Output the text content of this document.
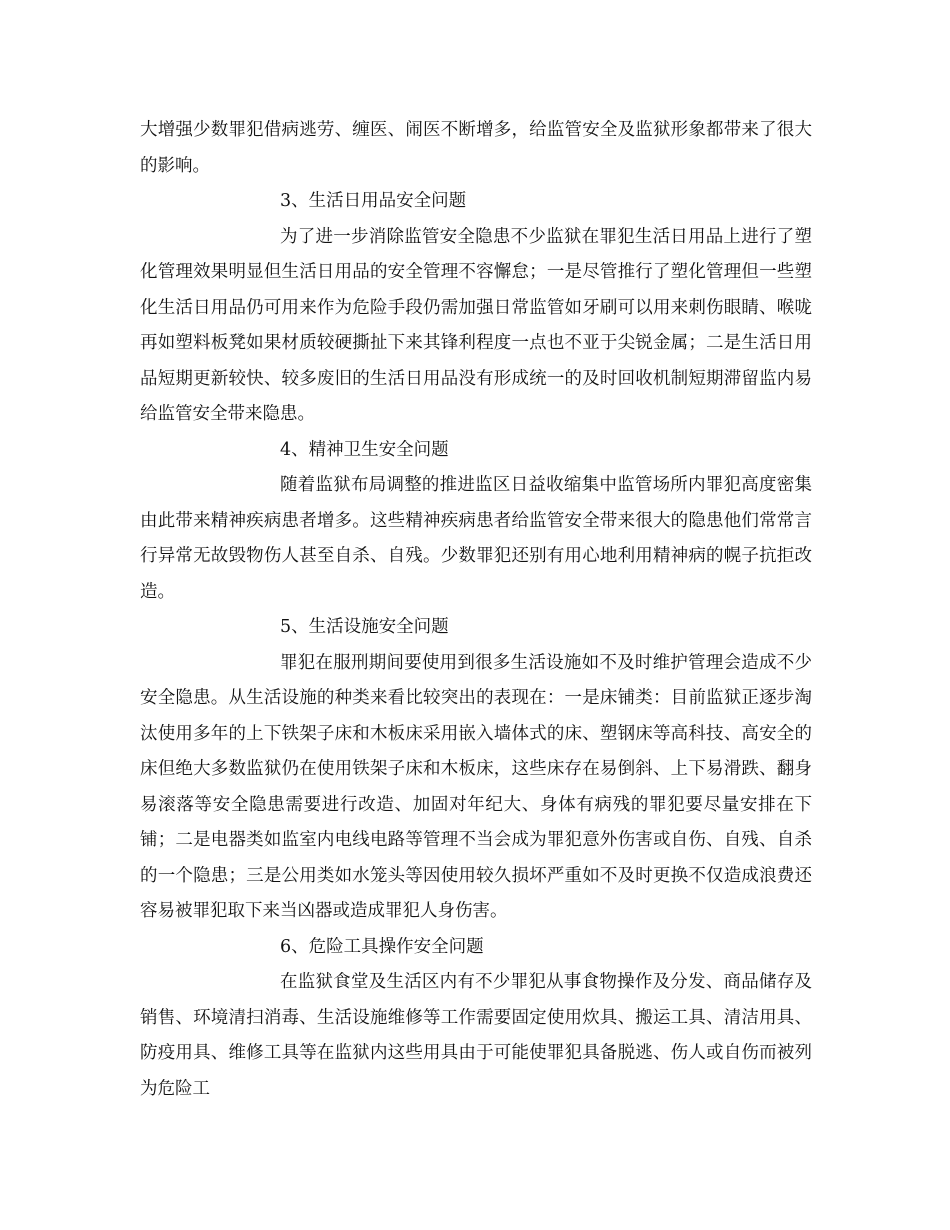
大增强少数罪犯借病逃劳、缠医、闹医不断增多，给监管安全及监狱形象都带来了很大的影响。

3、生活日用品安全问题

为了进一步消除监管安全隐患不少监狱在罪犯生活日用品上进行了塑化管理效果明显但生活日用品的安全管理不容懈怠；一是尽管推行了塑化管理但一些塑化生活日用品仍可用来作为危险手段仍需加强日常监管如牙刷可以用来刺伤眼睛、喉咙再如塑料板凳如果材质较硬撕扯下来其锋利程度一点也不亚于尖锐金属；二是生活日用品短期更新较快、较多废旧的生活日用品没有形成统一的及时回收机制短期滞留监内易给监管安全带来隐患。

4、精神卫生安全问题

随着监狱布局调整的推进监区日益收缩集中监管场所内罪犯高度密集由此带来精神疾病患者增多。这些精神疾病患者给监管安全带来很大的隐患他们常常言行异常无故毁物伤人甚至自杀、自残。少数罪犯还别有用心地利用精神病的幌子抗拒改造。

5、生活设施安全问题

罪犯在服刑期间要使用到很多生活设施如不及时维护管理会造成不少安全隐患。从生活设施的种类来看比较突出的表现在：一是床铺类：目前监狱正逐步淘汰使用多年的上下铁架子床和木板床采用嵌入墙体式的床、塑钢床等高科技、高安全的床但绝大多数监狱仍在使用铁架子床和木板床，这些床存在易倒斜、上下易滑跌、翻身易滚落等安全隐患需要进行改造、加固对年纪大、身体有病残的罪犯要尽量安排在下铺；二是电器类如监室内电线电路等管理不当会成为罪犯意外伤害或自伤、自残、自杀的一个隐患；三是公用类如水笼头等因使用较久损坏严重如不及时更换不仅造成浪费还容易被罪犯取下来当凶器或造成罪犯人身伤害。

6、危险工具操作安全问题

在监狱食堂及生活区内有不少罪犯从事食物操作及分发、商品储存及销售、环境清扫消毒、生活设施维修等工作需要固定使用炊具、搬运工具、清洁用具、防疫用具、维修工具等在监狱内这些用具由于可能使罪犯具备脱逃、伤人或自伤而被列为危险工
